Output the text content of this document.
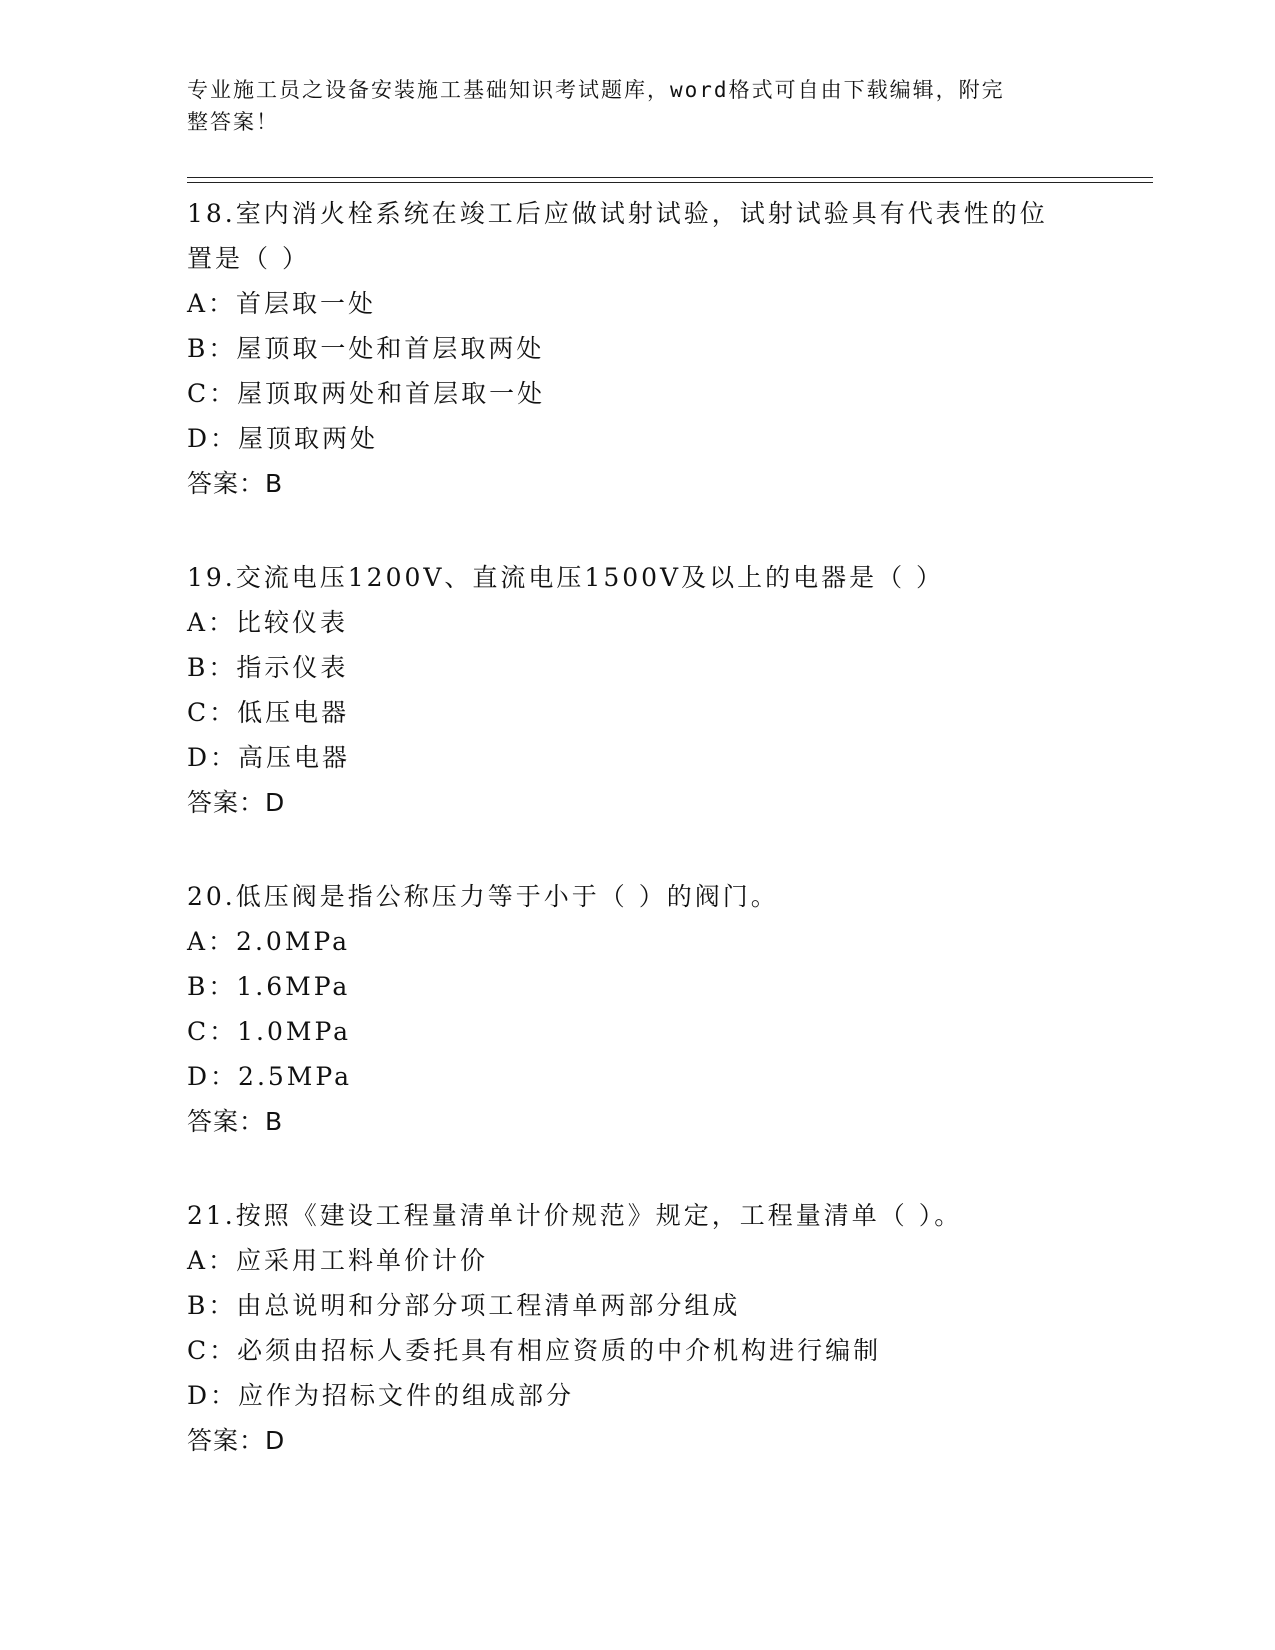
专业施工员之设备安装施工基础知识考试题库，word格式可自由下载编辑，附完
整答案！

18.室内消火栓系统在竣工后应做试射试验，试射试验具有代表性的位

置是（ ）

A：首层取一处

B：屋顶取一处和首层取两处

C：屋顶取两处和首层取一处

D：屋顶取两处

答案：B

19.交流电压1200V、直流电压1500V及以上的电器是（ ）

A：比较仪表

B：指示仪表

C：低压电器

D：高压电器

答案：D

20.低压阀是指公称压力等于小于（ ）的阀门。

A：2.0MPa

B：1.6MPa

C：1.0MPa

D：2.5MPa

答案：B

21.按照《建设工程量清单计价规范》规定，工程量清单（ ）。

A：应采用工料单价计价

B：由总说明和分部分项工程清单两部分组成

C：必须由招标人委托具有相应资质的中介机构进行编制

D：应作为招标文件的组成部分

答案：D
